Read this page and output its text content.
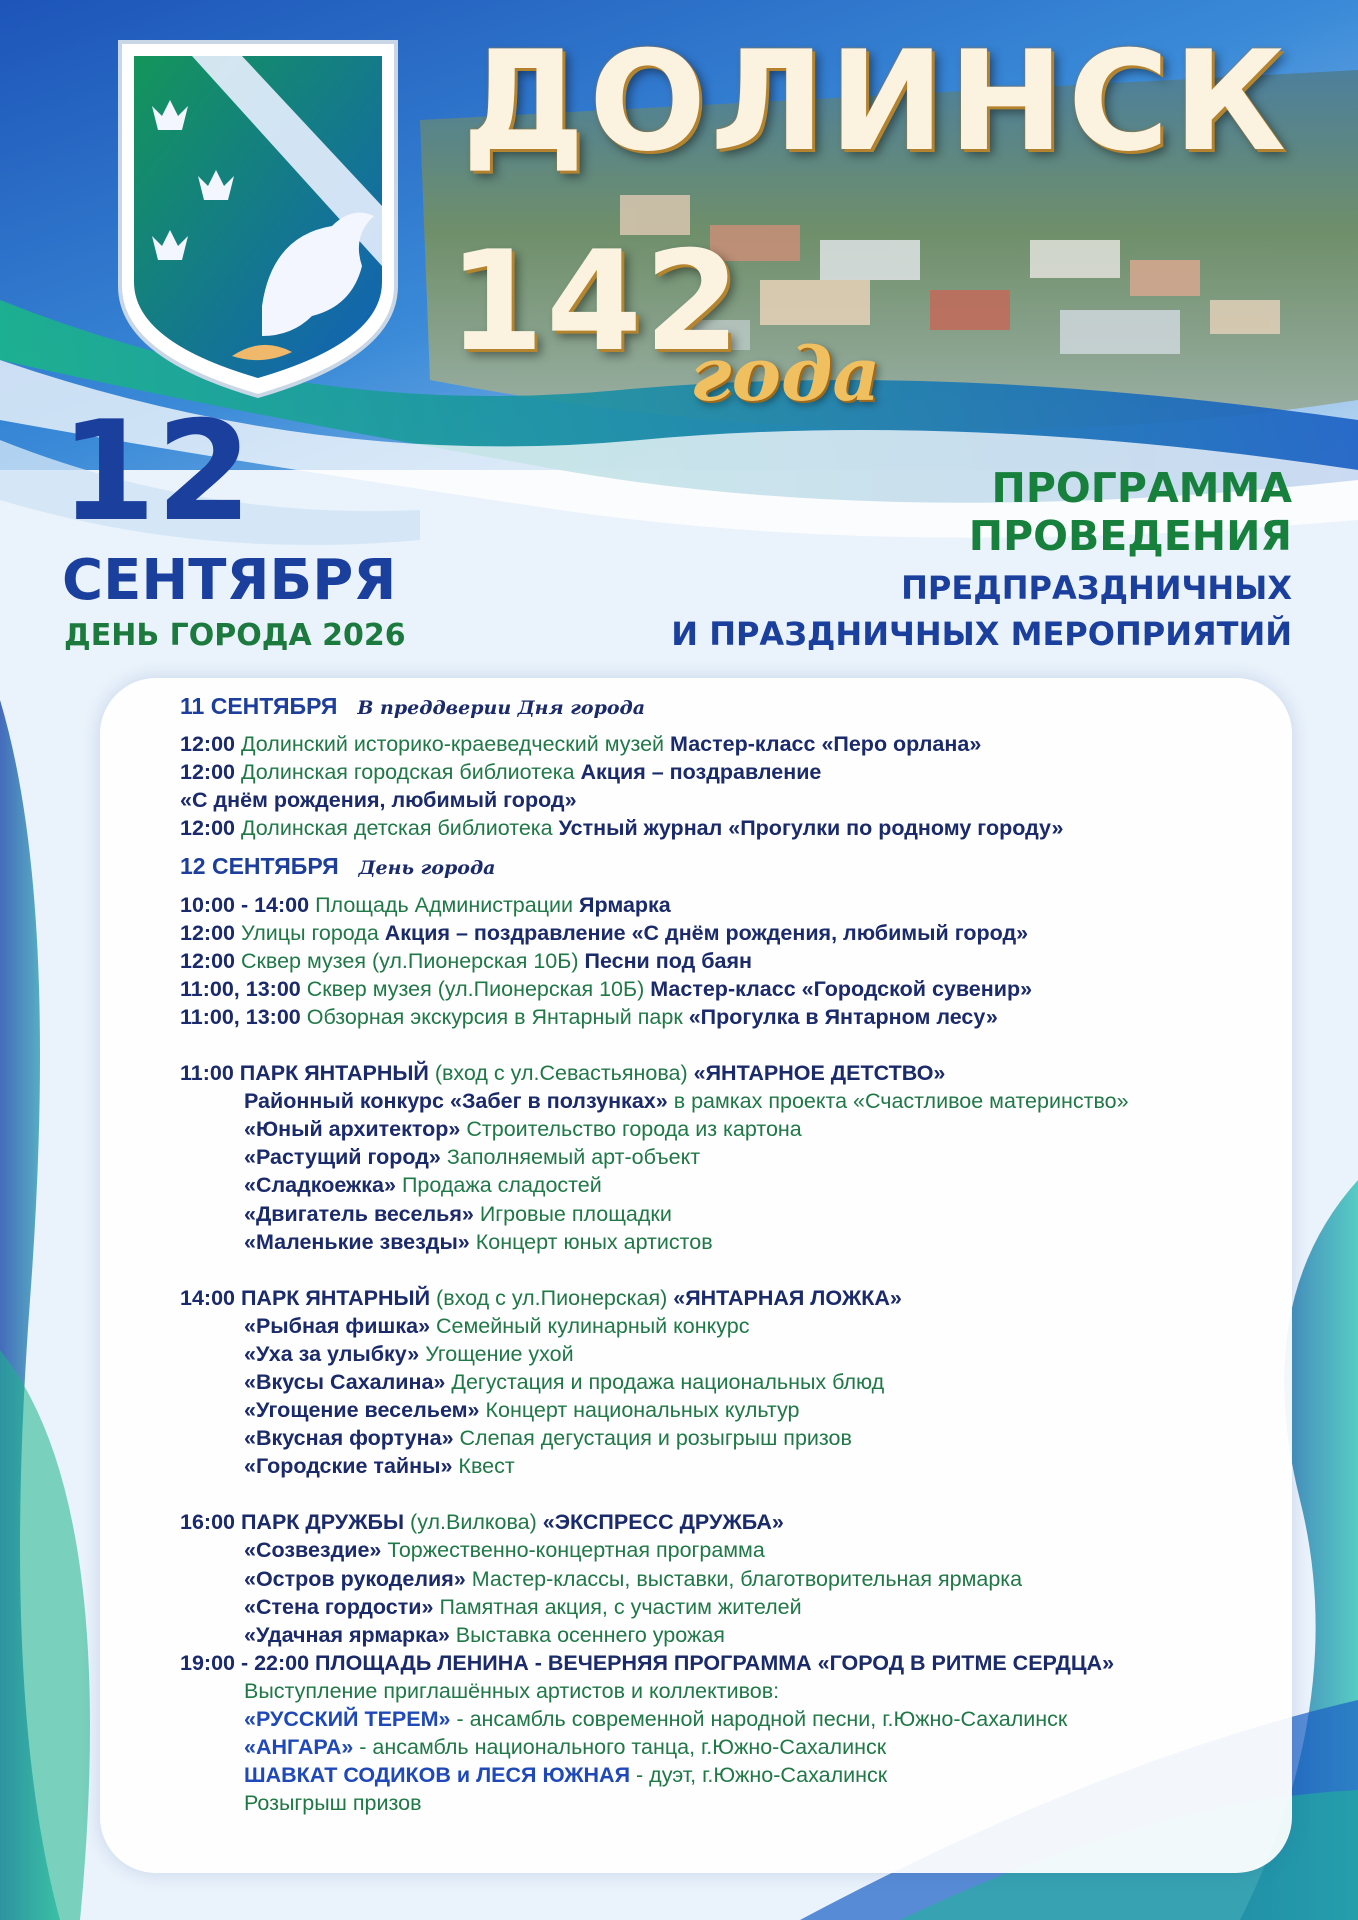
ДОЛИНСК
142
года
12
СЕНТЯБРЯ
ДЕНЬ ГОРОДА 2026
ПРОГРАММА
ПРОВЕДЕНИЯ
ПРЕДПРАЗДНИЧНЫХ
И ПРАЗДНИЧНЫХ МЕРОПРИЯТИЙ
11 СЕНТЯБРЯ В преддверии Дня города
12:00 Долинский историко-краеведческий музей Мастер-класс «Перо орлана»
12:00 Долинская городская библиотека Акция – поздравление
«С днём рождения, любимый город»
12:00 Долинская детская библиотека Устный журнал «Прогулки по родному городу»
12 СЕНТЯБРЯ День города
10:00 - 14:00 Площадь Администрации Ярмарка
12:00 Улицы города Акция – поздравление «С днём рождения, любимый город»
12:00 Сквер музея (ул.Пионерская 10Б) Песни под баян
11:00, 13:00 Сквер музея (ул.Пионерская 10Б) Мастер-класс «Городской сувенир»
11:00, 13:00 Обзорная экскурсия в Янтарный парк «Прогулка в Янтарном лесу»
11:00 ПАРК ЯНТАРНЫЙ (вход с ул.Севастьянова) «ЯНТАРНОЕ ДЕТСТВО»
Районный конкурс «Забег в ползунках» в рамках проекта «Счастливое материнство»
«Юный архитектор» Строительство города из картона
«Растущий город» Заполняемый арт-объект
«Сладкоежка» Продажа сладостей
«Двигатель веселья» Игровые площадки
«Маленькие звезды» Концерт юных артистов
14:00 ПАРК ЯНТАРНЫЙ (вход с ул.Пионерская) «ЯНТАРНАЯ ЛОЖКА»
«Рыбная фишка» Семейный кулинарный конкурс
«Уха за улыбку» Угощение ухой
«Вкусы Сахалина» Дегустация и продажа национальных блюд
«Угощение весельем» Концерт национальных культур
«Вкусная фортуна» Слепая дегустация и розыгрыш призов
«Городские тайны» Квест
16:00 ПАРК ДРУЖБЫ (ул.Вилкова) «ЭКСПРЕСС ДРУЖБА»
«Созвездие» Торжественно-концертная программа
«Остров рукоделия» Мастер-классы, выставки, благотворительная ярмарка
«Стена гордости» Памятная акция, с участим жителей
«Удачная ярмарка» Выставка осеннего урожая
19:00 - 22:00 ПЛОЩАДЬ ЛЕНИНА - ВЕЧЕРНЯЯ ПРОГРАММА «ГОРОД В РИТМЕ СЕРДЦА»
Выступление приглашённых артистов и коллективов:
«РУССКИЙ ТЕРЕМ» - ансамбль современной народной песни, г.Южно-Сахалинск
«АНГАРА» - ансамбль национального танца, г.Южно-Сахалинск
ШАВКАТ СОДИКОВ и ЛЕСЯ ЮЖНАЯ - дуэт, г.Южно-Сахалинск
Розыгрыш призов
